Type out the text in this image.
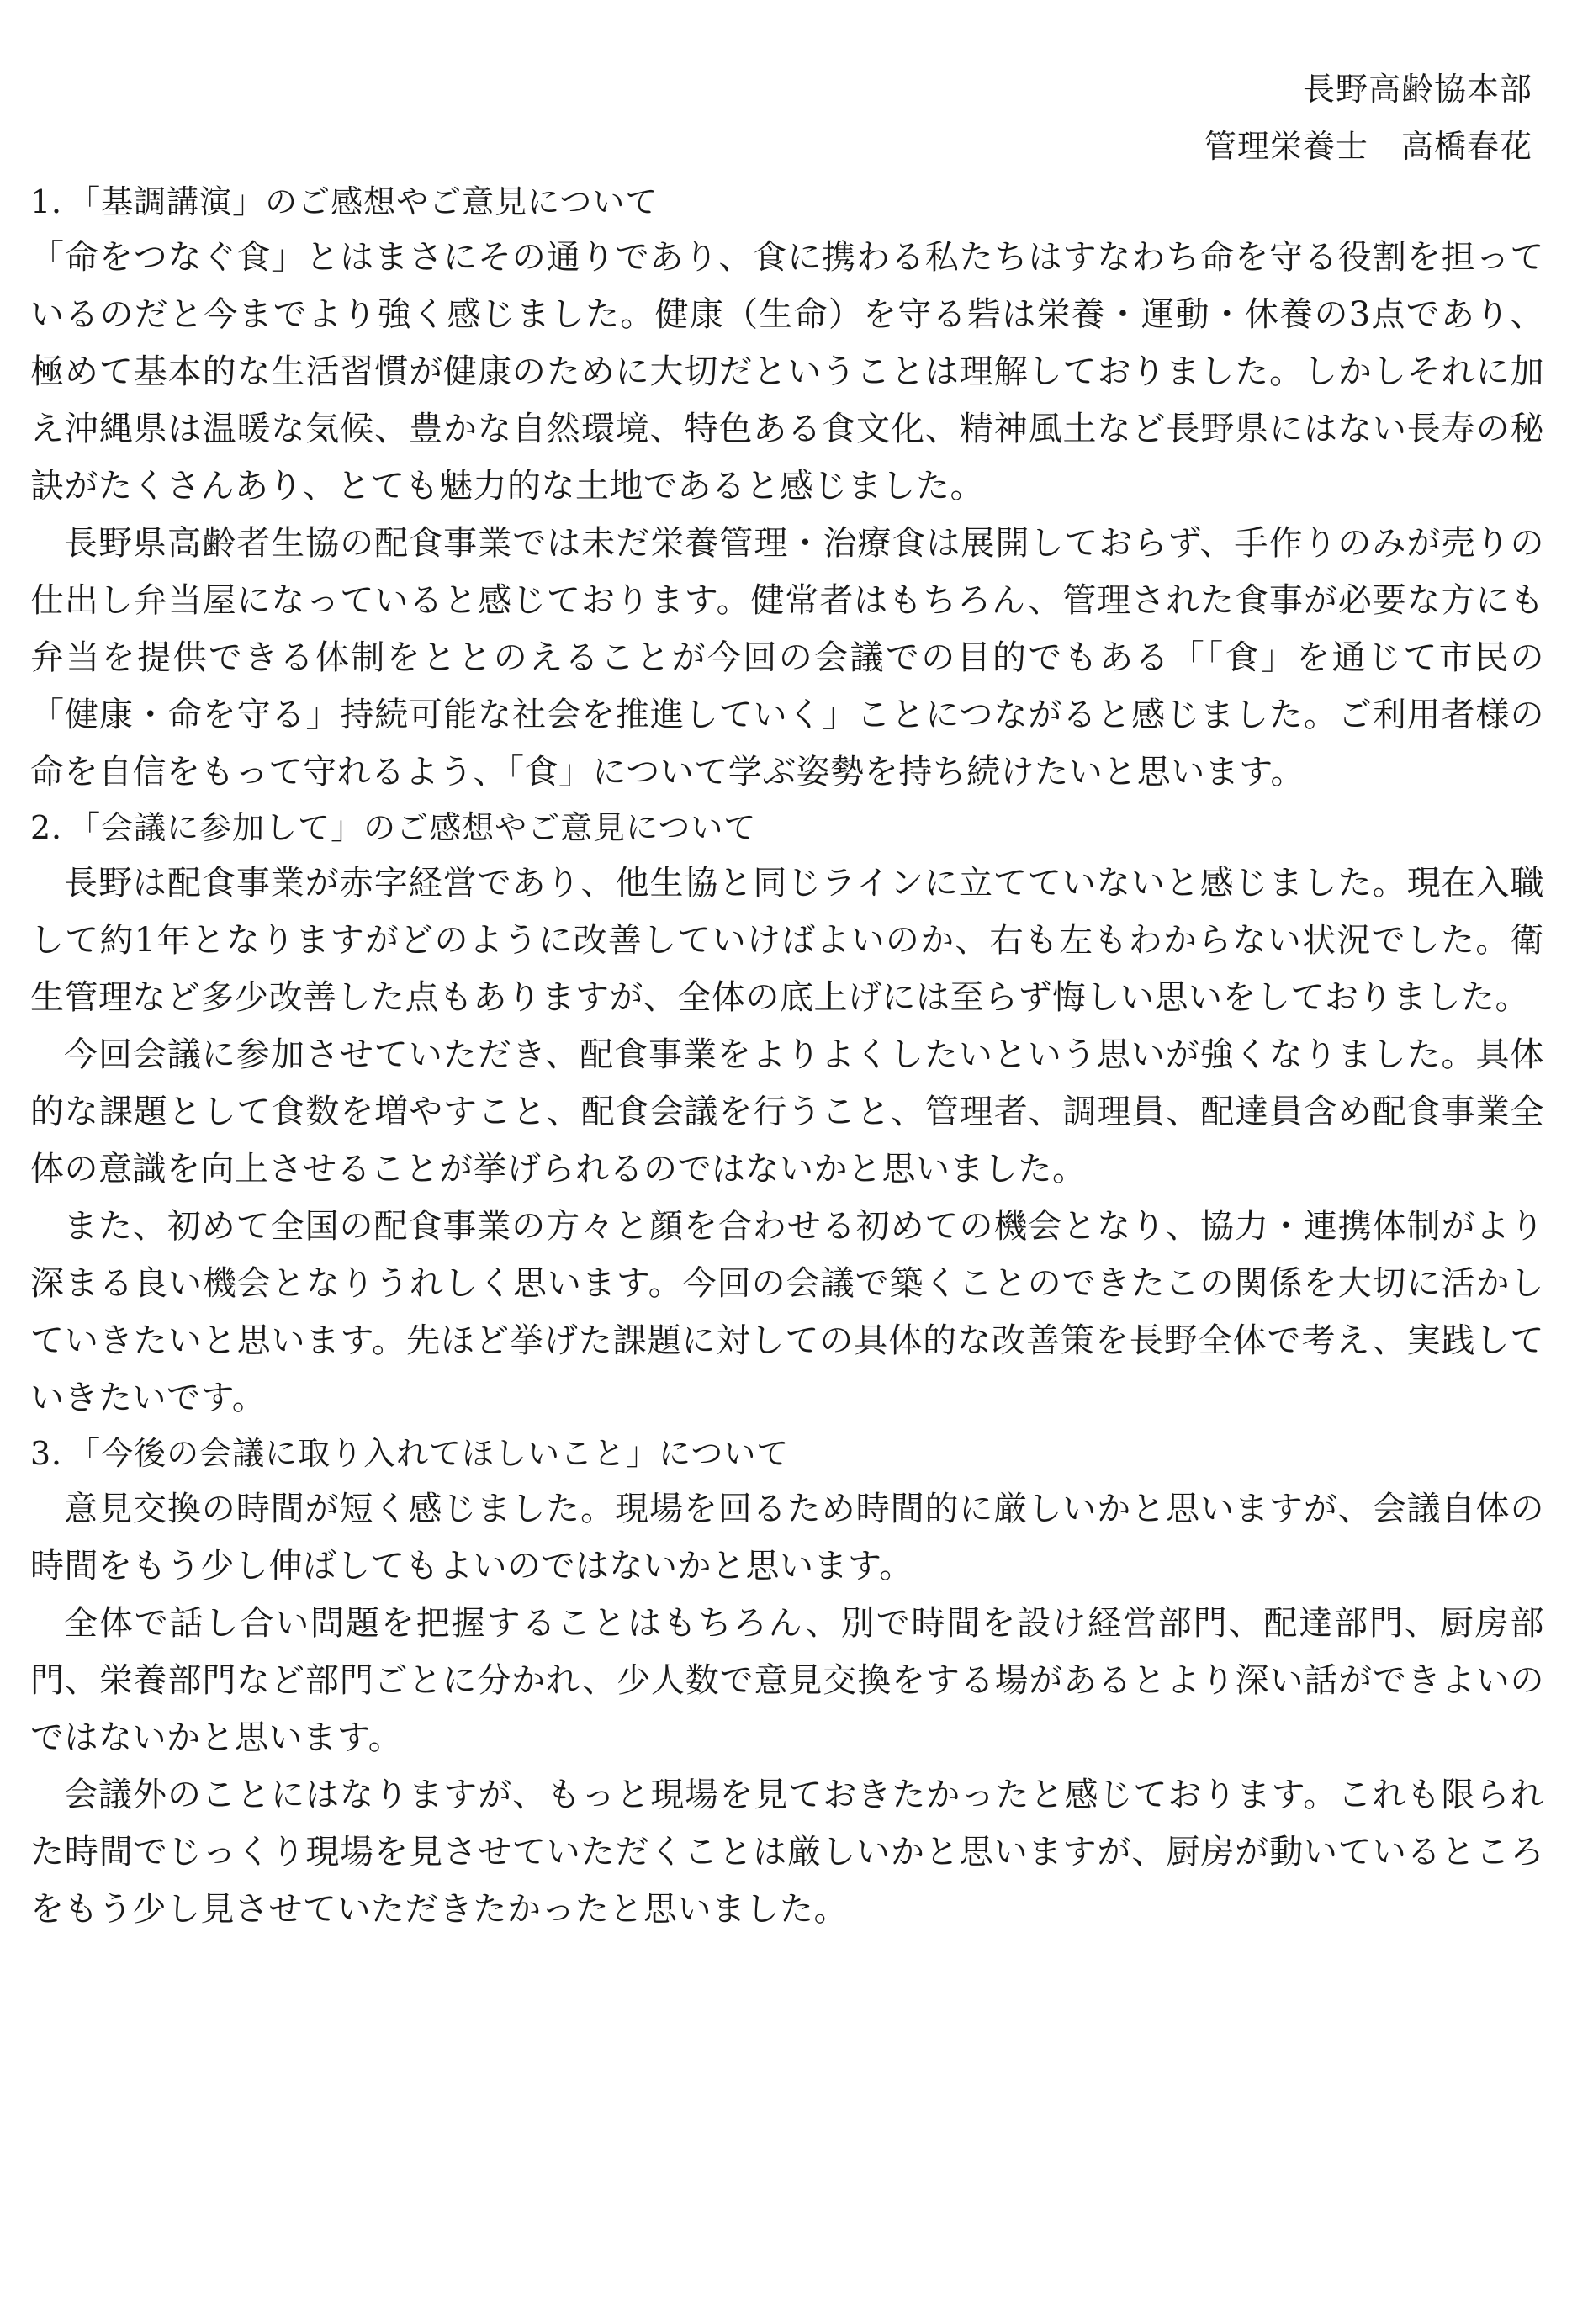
長野高齢協本部
管理栄養士　高橋春花
1．「基調講演」のご感想やご意見について

「命をつなぐ食」とはまさにその通りであり、食に携わる私たちはすなわち命を守る役割を担っているのだと今までより強く感じました。健康（生命）を守る砦は栄養・運動・休養の3点であり、極めて基本的な生活習慣が健康のために大切だということは理解しておりました。しかしそれに加え沖縄県は温暖な気候、豊かな自然環境、特色ある食文化、精神風土など長野県にはない長寿の秘訣がたくさんあり、とても魅力的な土地であると感じました。

長野県高齢者生協の配食事業では未だ栄養管理・治療食は展開しておらず、手作りのみが売りの仕出し弁当屋になっていると感じております。健常者はもちろん、管理された食事が必要な方にも弁当を提供できる体制をととのえることが今回の会議での目的でもある「「食」を通じて市民の「健康・命を守る」持続可能な社会を推進していく」ことにつながると感じました。ご利用者様の命を自信をもって守れるよう、「食」について学ぶ姿勢を持ち続けたいと思います。

2．「会議に参加して」のご感想やご意見について

長野は配食事業が赤字経営であり、他生協と同じラインに立てていないと感じました。現在入職して約1年となりますがどのように改善していけばよいのか、右も左もわからない状況でした。衛生管理など多少改善した点もありますが、全体の底上げには至らず悔しい思いをしておりました。

今回会議に参加させていただき、配食事業をよりよくしたいという思いが強くなりました。具体的な課題として食数を増やすこと、配食会議を行うこと、管理者、調理員、配達員含め配食事業全体の意識を向上させることが挙げられるのではないかと思いました。

また、初めて全国の配食事業の方々と顔を合わせる初めての機会となり、協力・連携体制がより深まる良い機会となりうれしく思います。今回の会議で築くことのできたこの関係を大切に活かしていきたいと思います。先ほど挙げた課題に対しての具体的な改善策を長野全体で考え、実践していきたいです。

3．「今後の会議に取り入れてほしいこと」について

意見交換の時間が短く感じました。現場を回るため時間的に厳しいかと思いますが、会議自体の時間をもう少し伸ばしてもよいのではないかと思います。

全体で話し合い問題を把握することはもちろん、別で時間を設け経営部門、配達部門、厨房部門、栄養部門など部門ごとに分かれ、少人数で意見交換をする場があるとより深い話ができよいのではないかと思います。

会議外のことにはなりますが、もっと現場を見ておきたかったと感じております。これも限られた時間でじっくり現場を見させていただくことは厳しいかと思いますが、厨房が動いているところをもう少し見させていただきたかったと思いました。
